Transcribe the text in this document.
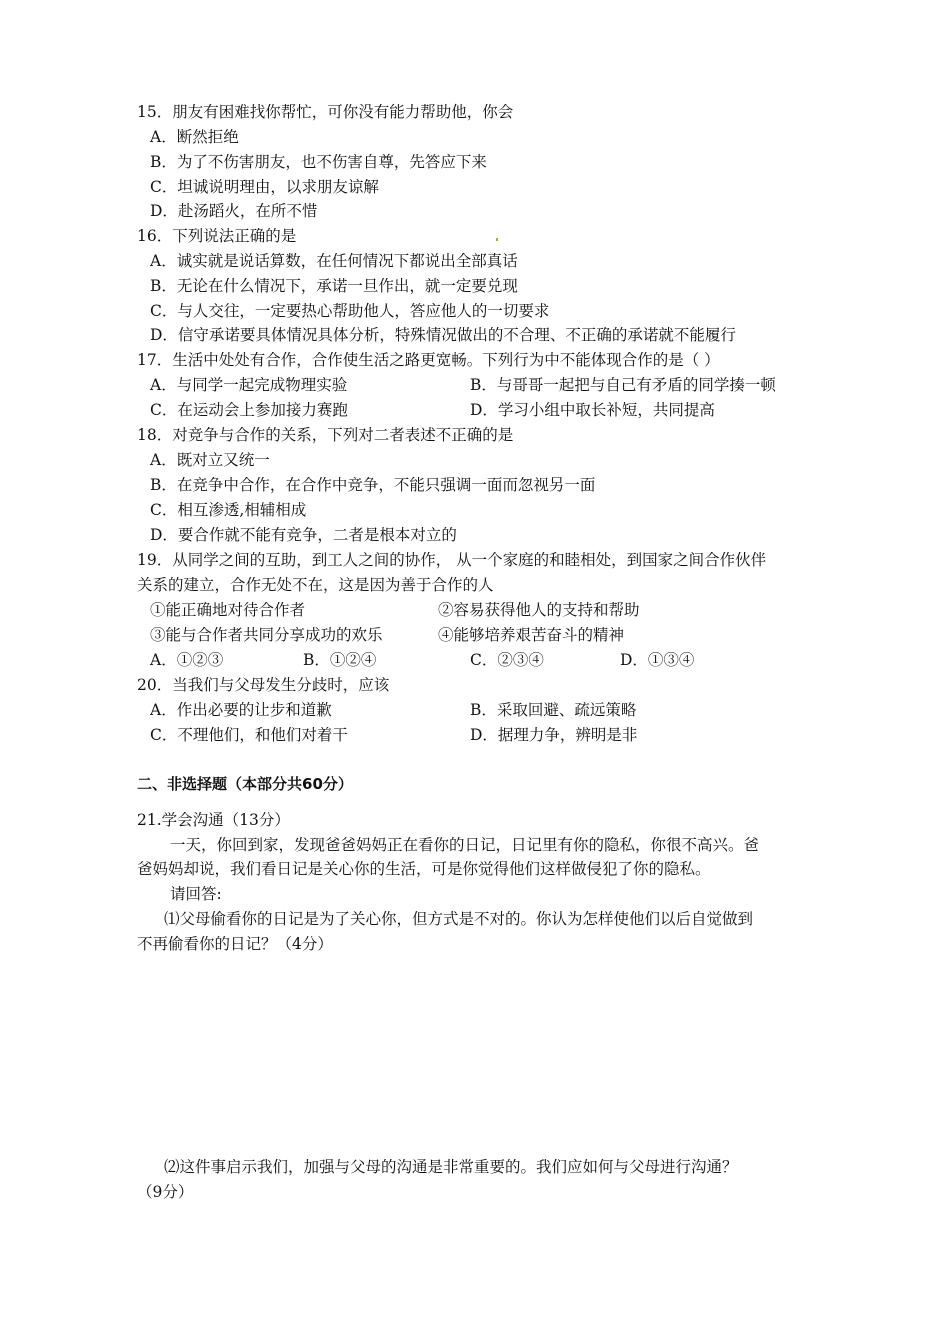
15．朋友有困难找你帮忙，可你没有能力帮助他，你会
A．断然拒绝
B．为了不伤害朋友，也不伤害自尊，先答应下来
C．坦诚说明理由，以求朋友谅解
D．赴汤蹈火，在所不惜
16．下列说法正确的是
A．诚实就是说话算数，在任何情况下都说出全部真话
B．无论在什么情况下，承诺一旦作出，就一定要兑现
C．与人交往，一定要热心帮助他人，答应他人的一切要求
D．信守承诺要具体情况具体分析，特殊情况做出的不合理、不正确的承诺就不能履行
17．生活中处处有合作，合作使生活之路更宽畅。下列行为中不能体现合作的是（ ）
A．与同学一起完成物理实验	B．与哥哥一起把与自己有矛盾的同学揍一顿
C．在运动会上参加接力赛跑	D．学习小组中取长补短，共同提高
18．对竞争与合作的关系，下列对二者表述不正确的是
A．既对立又统一
B．在竞争中合作，在合作中竞争，不能只强调一面而忽视另一面
C．相互渗透,相辅相成
D．要合作就不能有竞争，二者是根本对立的
19．从同学之间的互助，到工人之间的协作， 从一个家庭的和睦相处，到国家之间合作伙伴
关系的建立，合作无处不在，这是因为善于合作的人
①能正确地对待合作者	②容易获得他人的支持和帮助
③能与合作者共同分享成功的欢乐	④能够培养艰苦奋斗的精神
A．①②③	B．①②④	C．②③④	D．①③④
20．当我们与父母发生分歧时，应该
A．作出必要的让步和道歉	B．采取回避、疏远策略
C．不理他们，和他们对着干	D．据理力争，辨明是非
二、非选择题（本部分共60分）
21.学会沟通（13分）
一天，你回到家，发现爸爸妈妈正在看你的日记，日记里有你的隐私，你很不高兴。爸
爸妈妈却说，我们看日记是关心你的生活，可是你觉得他们这样做侵犯了你的隐私。
请回答:
⑴父母偷看你的日记是为了关心你，但方式是不对的。你认为怎样使他们以后自觉做到
不再偷看你的日记？（4分）
⑵这件事启示我们，加强与父母的沟通是非常重要的。我们应如何与父母进行沟通？
（9分）
